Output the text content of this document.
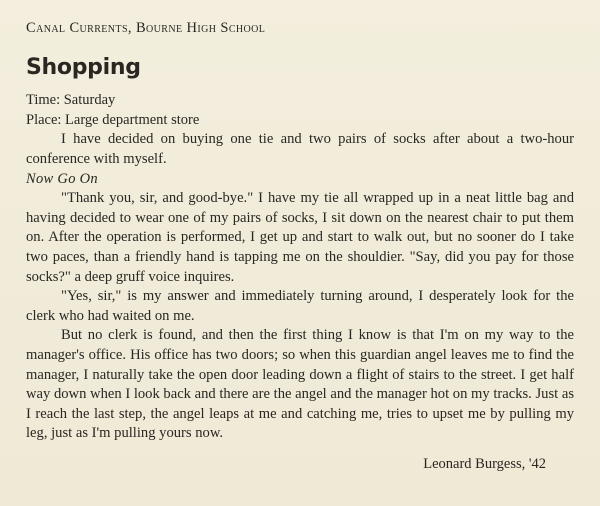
Canal Currents, Bourne High School
Shopping

Time: Saturday

Place: Large department store

I have decided on buying one tie and two pairs of socks after about a two-hour conference with myself.

Now Go On

"Thank you, sir, and good-bye." I have my tie all wrapped up in a neat little bag and having decided to wear one of my pairs of socks, I sit down on the nearest chair to put them on. After the operation is performed, I get up and start to walk out, but no sooner do I take two paces, than a friendly hand is tapping me on the shouldier. "Say, did you pay for those socks?" a deep gruff voice inquires.

"Yes, sir," is my answer and immediately turning around, I desperately look for the clerk who had waited on me.

But no clerk is found, and then the first thing I know is that I'm on my way to the manager's office. His office has two doors; so when this guardian angel leaves me to find the manager, I naturally take the open door leading down a flight of stairs to the street. I get half way down when I look back and there are the angel and the manager hot on my tracks. Just as I reach the last step, the angel leaps at me and catching me, tries to upset me by pulling my leg, just as I'm pulling yours now.

Leonard Burgess, '42
